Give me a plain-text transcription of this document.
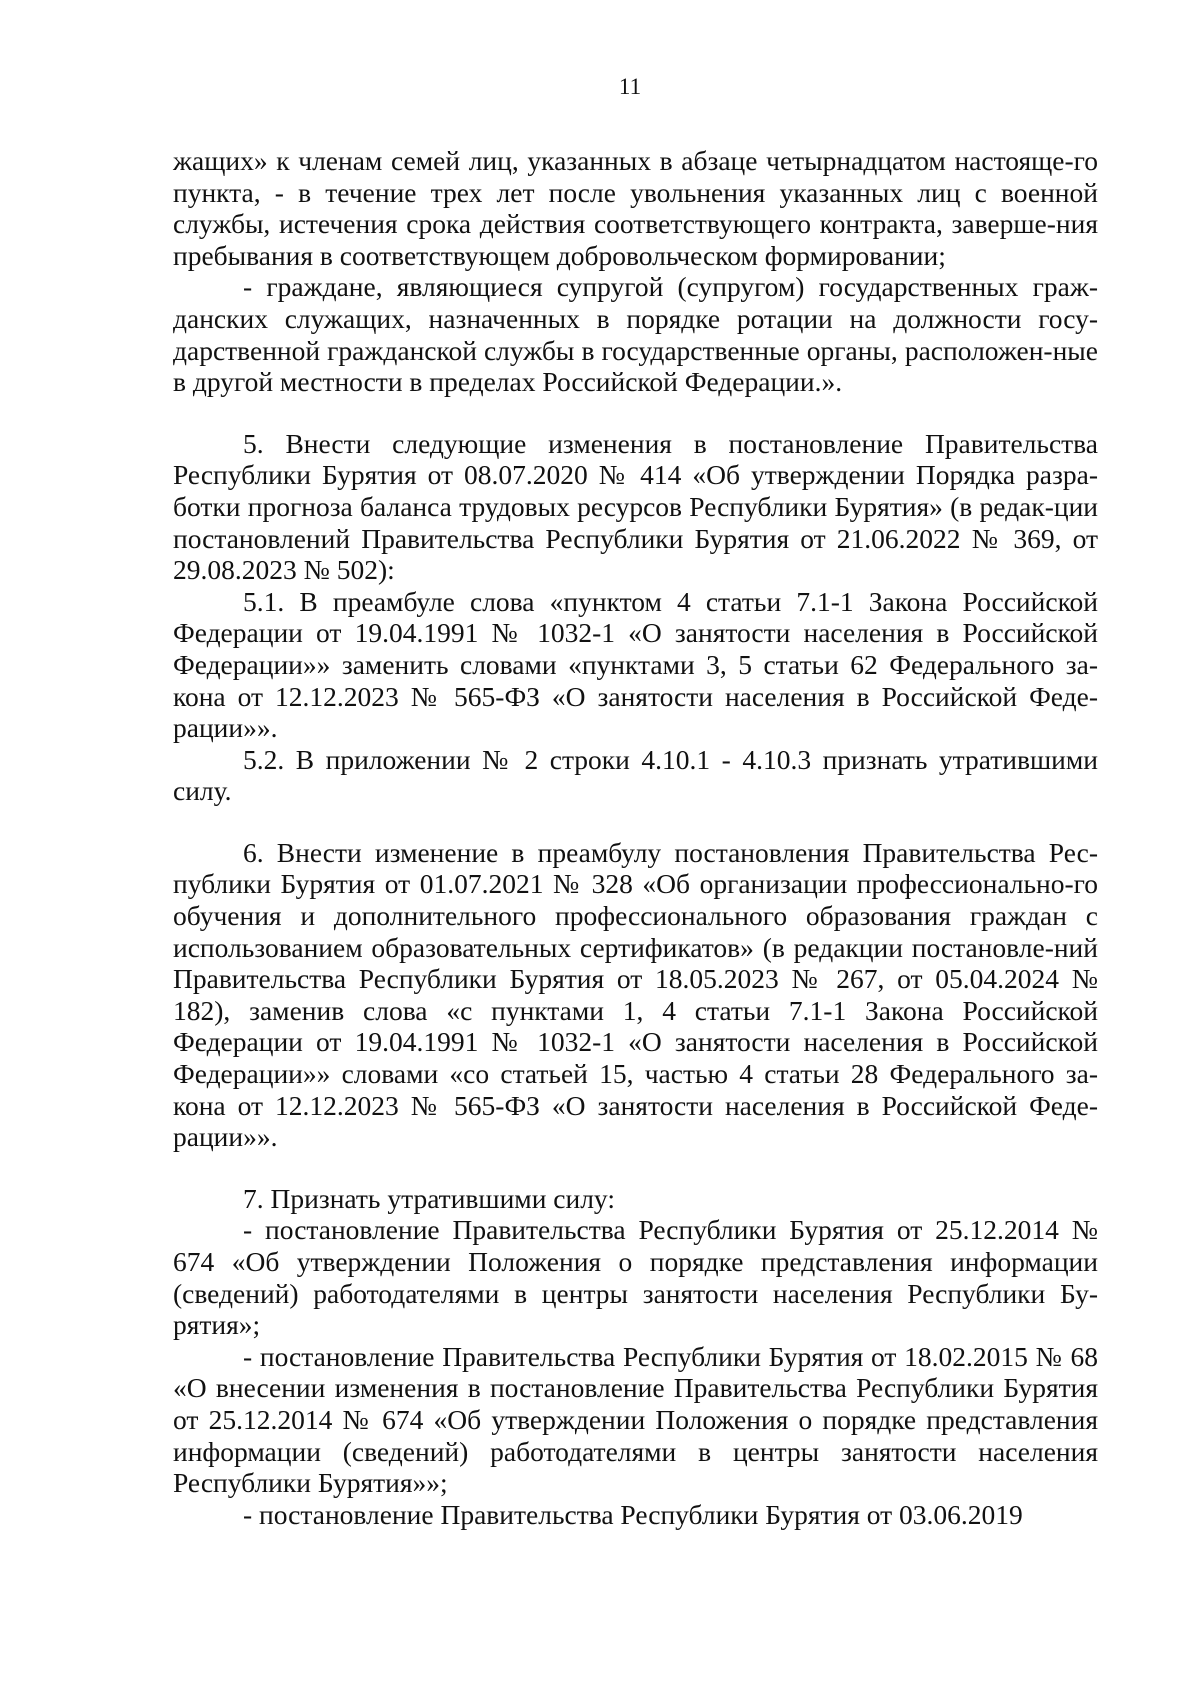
11

жащих» к членам семей лиц, указанных в абзаце четырнадцатом настояще-го пункта, - в течение трех лет после увольнения указанных лиц с военной службы, истечения срока действия соответствующего контракта, заверше-ния пребывания в соответствующем добровольческом формировании;

- граждане, являющиеся супругой (супругом) государственных граж-данских служащих, назначенных в порядке ротации на должности госу-дарственной гражданской службы в государственные органы, расположен-ные в другой местности в пределах Российской Федерации.».

5. Внести следующие изменения в постановление Правительства Республики Бурятия от 08.07.2020 № 414 «Об утверждении Порядка разра-ботки прогноза баланса трудовых ресурсов Республики Бурятия» (в редак-ции постановлений Правительства Республики Бурятия от 21.06.2022 № 369, от 29.08.2023 № 502):

5.1. В преамбуле слова «пунктом 4 статьи 7.1-1 Закона Российской Федерации от 19.04.1991 № 1032-1 «О занятости населения в Российской Федерации»» заменить словами «пунктами 3, 5 статьи 62 Федерального за-кона от 12.12.2023 № 565-ФЗ «О занятости населения в Российской Феде-рации»».

5.2. В приложении № 2 строки 4.10.1 - 4.10.3 признать утратившими силу.

6. Внести изменение в преамбулу постановления Правительства Рес-публики Бурятия от 01.07.2021 № 328 «Об организации профессионально-го обучения и дополнительного профессионального образования граждан с использованием образовательных сертификатов» (в редакции постановле-ний Правительства Республики Бурятия от 18.05.2023 № 267, от 05.04.2024 № 182), заменив слова «с пунктами 1, 4 статьи 7.1-1 Закона Российской Федерации от 19.04.1991 № 1032-1 «О занятости населения в Российской Федерации»» словами «со статьей 15, частью 4 статьи 28 Федерального за-кона от 12.12.2023 № 565-ФЗ «О занятости населения в Российской Феде-рации»».

7. Признать утратившими силу:

- постановление Правительства Республики Бурятия от 25.12.2014 № 674 «Об утверждении Положения о порядке представления информации (сведений) работодателями в центры занятости населения Республики Бу-рятия»;

- постановление Правительства Республики Бурятия от 18.02.2015 № 68 «О внесении изменения в постановление Правительства Республики Бурятия от 25.12.2014 № 674 «Об утверждении Положения о порядке представления информации (сведений) работодателями в центры занятости населения Республики Бурятия»»;

- постановление Правительства Республики Бурятия от 03.06.2019
